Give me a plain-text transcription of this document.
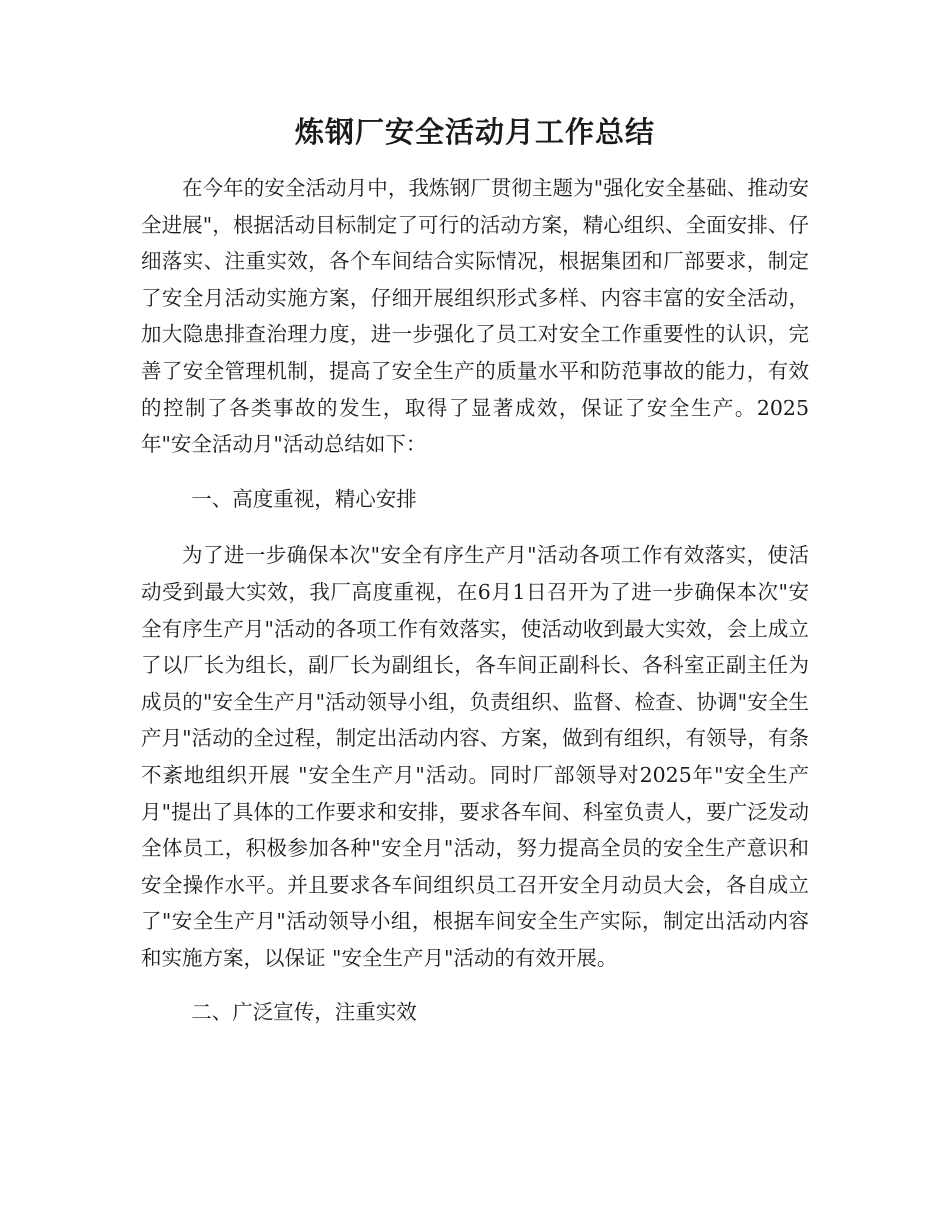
炼钢厂安全活动月工作总结

在今年的安全活动月中，我炼钢厂贯彻主题为"强化安全基础、推动安全进展"，根据活动目标制定了可行的活动方案，精心组织、全面安排、仔细落实、注重实效，各个车间结合实际情况，根据集团和厂部要求，制定了安全月活动实施方案，仔细开展组织形式多样、内容丰富的安全活动，加大隐患排查治理力度，进一步强化了员工对安全工作重要性的认识，完善了安全管理机制，提高了安全生产的质量水平和防范事故的能力，有效的控制了各类事故的发生，取得了显著成效，保证了安全生产。2025年"安全活动月"活动总结如下：

一、高度重视，精心安排

为了进一步确保本次"安全有序生产月"活动各项工作有效落实，使活动受到最大实效，我厂高度重视，在6月1日召开为了进一步确保本次"安全有序生产月"活动的各项工作有效落实，使活动收到最大实效，会上成立了以厂长为组长，副厂长为副组长，各车间正副科长、各科室正副主任为成员的"安全生产月"活动领导小组，负责组织、监督、检查、协调"安全生产月"活动的全过程，制定出活动内容、方案，做到有组织，有领导，有条不紊地组织开展 "安全生产月"活动。同时厂部领导对2025年"安全生产月"提出了具体的工作要求和安排，要求各车间、科室负责人，要广泛发动全体员工，积极参加各种"安全月"活动，努力提高全员的安全生产意识和安全操作水平。并且要求各车间组织员工召开安全月动员大会，各自成立了"安全生产月"活动领导小组，根据车间安全生产实际，制定出活动内容和实施方案，以保证 "安全生产月"活动的有效开展。

二、广泛宣传，注重实效
